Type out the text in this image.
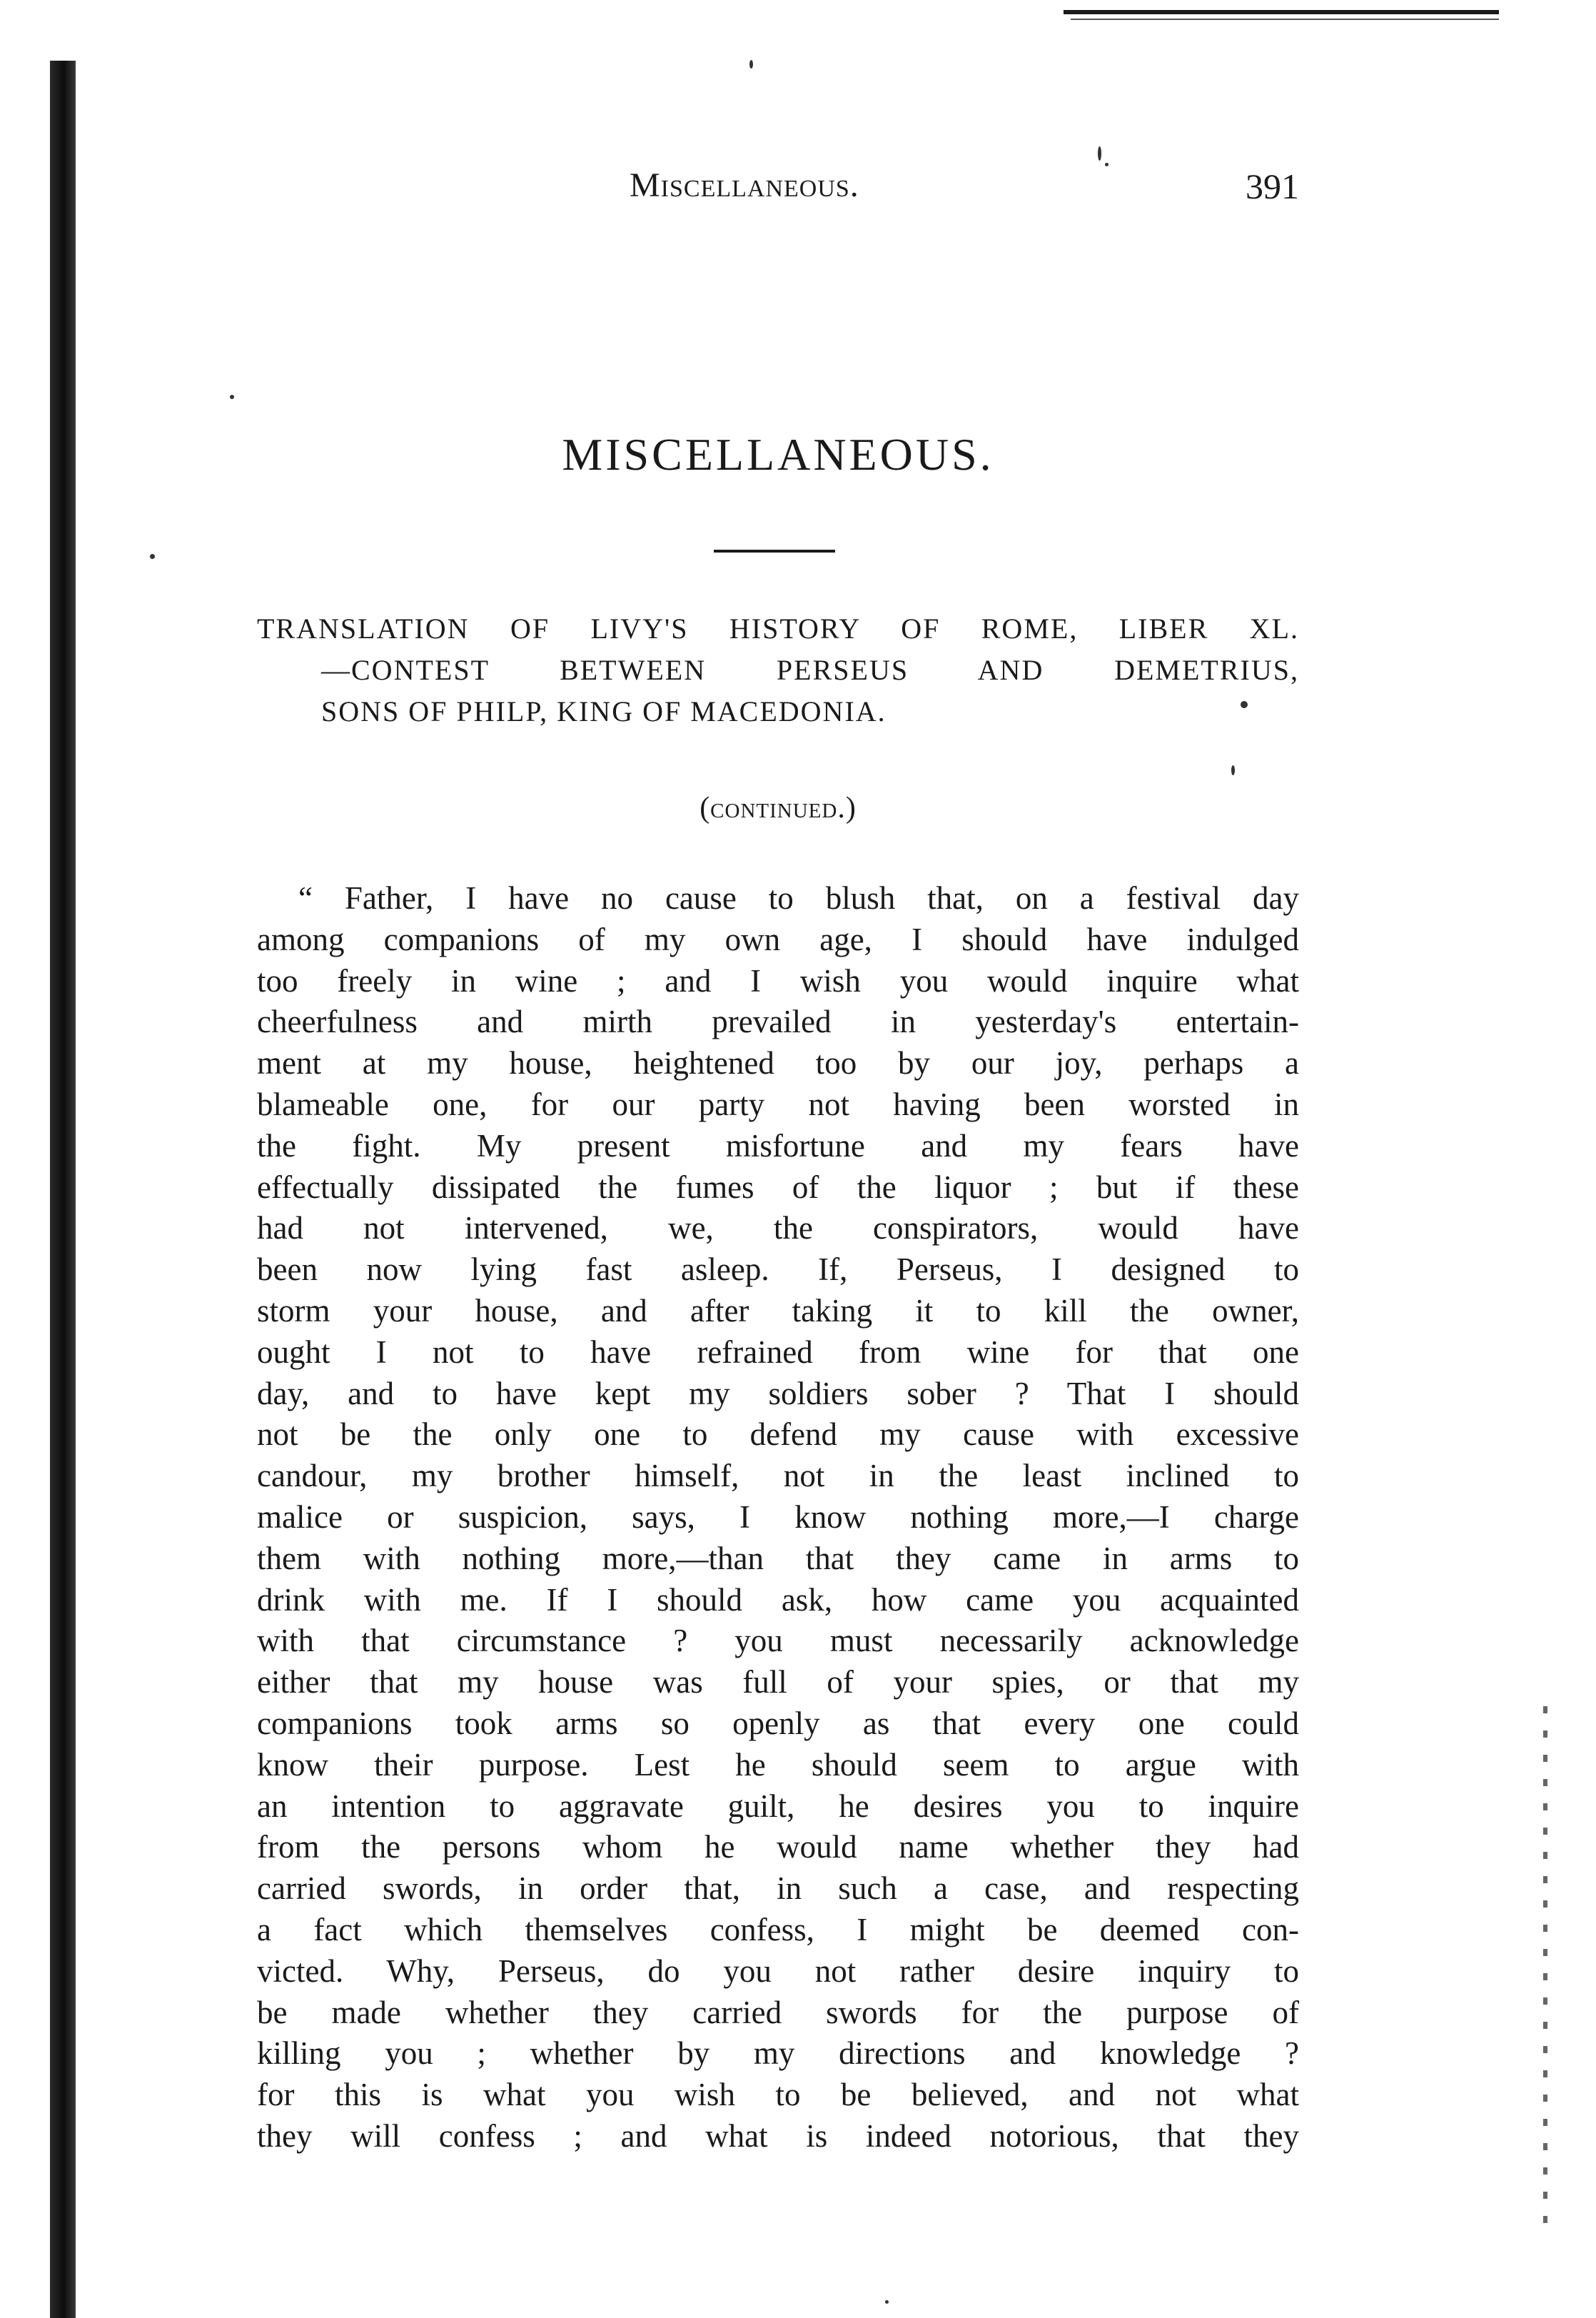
Miscellaneous.	391
MISCELLANEOUS.
TRANSLATION OF LIVY'S HISTORY OF ROME, LIBER XL.
—CONTEST BETWEEN PERSEUS AND DEMETRIUS,
SONS OF PHILP, KING OF MACEDONIA.
(continued.)
“ Father, I have no cause to blush that, on a festival day
among companions of my own age, I should have indulged
too freely in wine ; and I wish you would inquire what
cheerfulness and mirth prevailed in yesterday's entertain-
ment at my house, heightened too by our joy, perhaps a
blameable one, for our party not having been worsted in
the fight. My present misfortune and my fears have
effectually dissipated the fumes of the liquor ; but if these
had not intervened, we, the conspirators, would have
been now lying fast asleep. If, Perseus, I designed to
storm your house, and after taking it to kill the owner,
ought I not to have refrained from wine for that one
day, and to have kept my soldiers sober ? That I should
not be the only one to defend my cause with excessive
candour, my brother himself, not in the least inclined to
malice or suspicion, says, I know nothing more,—I charge
them with nothing more,—than that they came in arms to
drink with me. If I should ask, how came you acquainted
with that circumstance ? you must necessarily acknowledge
either that my house was full of your spies, or that my
companions took arms so openly as that every one could
know their purpose. Lest he should seem to argue with
an intention to aggravate guilt, he desires you to inquire
from the persons whom he would name whether they had
carried swords, in order that, in such a case, and respecting
a fact which themselves confess, I might be deemed con-
victed. Why, Perseus, do you not rather desire inquiry to
be made whether they carried swords for the purpose of
killing you ; whether by my directions and knowledge ?
for this is what you wish to be believed, and not what
they will confess ; and what is indeed notorious, that they
